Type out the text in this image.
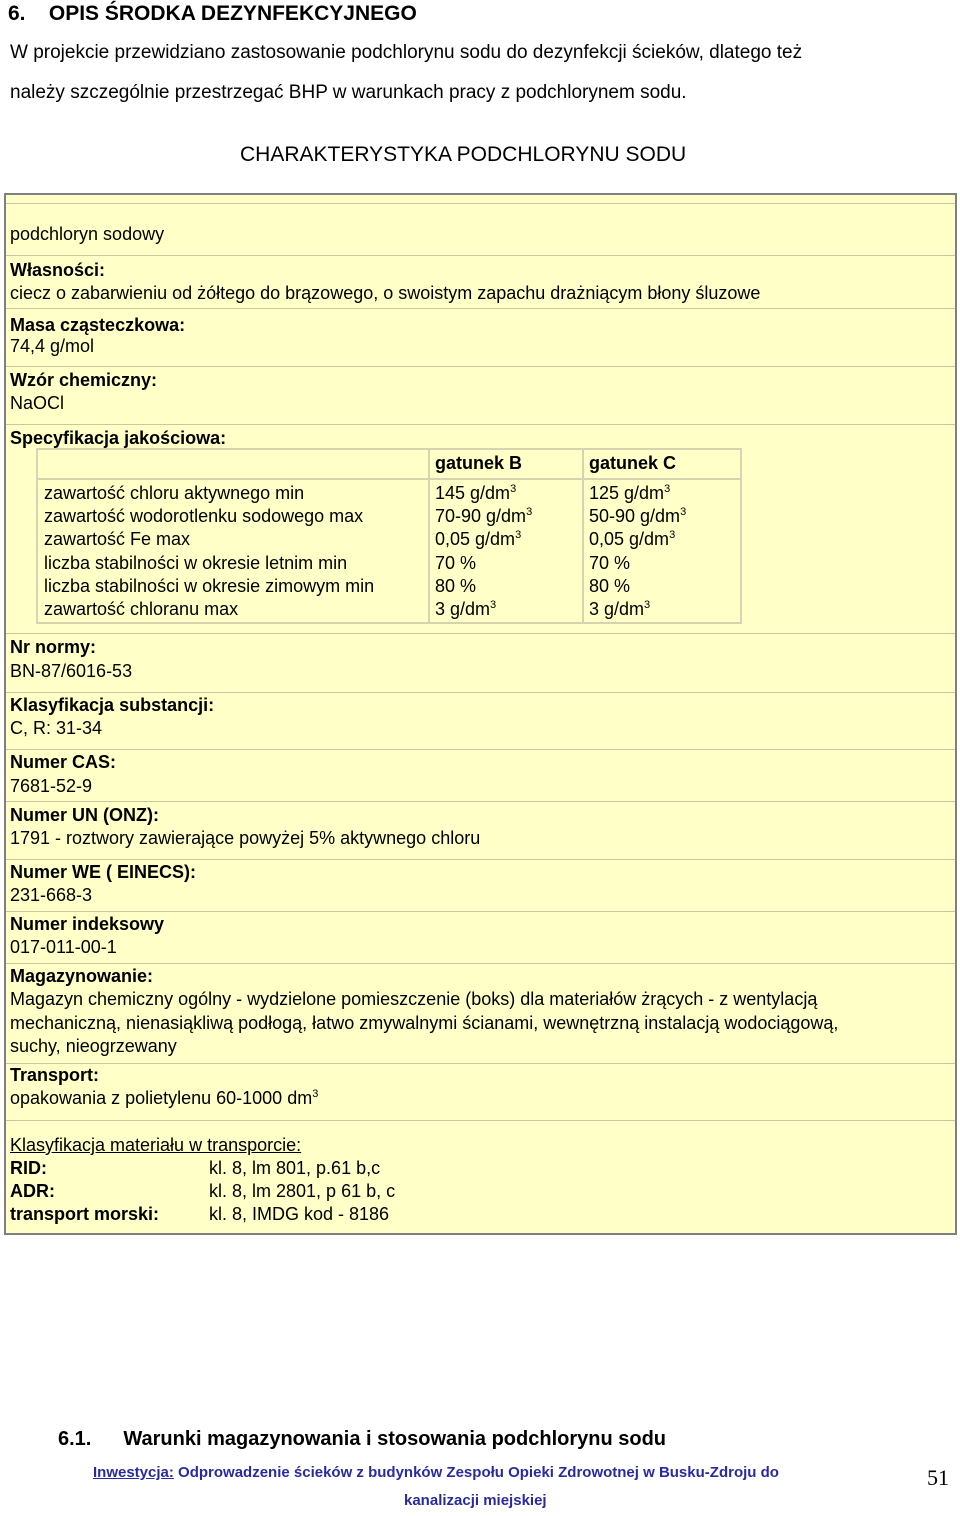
6. OPIS ŚRODKA DEZYNFEKCYJNEGO
W projekcie przewidziano zastosowanie podchlorynu sodu do dezynfekcji ścieków, dlatego też
należy szczególnie przestrzegać BHP w warunkach pracy z podchlorynem sodu.
CHARAKTERYSTYKA PODCHLORYNU SODU
podchloryn sodowy
Własności:
ciecz o zabarwieniu od żółtego do brązowego, o swoistym zapachu drażniącym błony śluzowe
Masa cząsteczkowa:
74,4 g/mol
Wzór chemiczny:
NaOCl
Specyfikacja jakościowa:
gatunek B	gatunek C
zawartość chloru aktywnego min	145 $g/dm^3$	125 $g/dm^3$
zawartość wodorotlenku sodowego max	70-90 $g/dm^3$	50-90 $g/dm^3$
zawartość Fe max	0,05 $g/dm^3$	0,05 $g/dm^3$
liczba stabilności w okresie letnim min	70 %	70 %
liczba stabilności w okresie zimowym min	80 %	80 %
zawartość chloranu max	3 $g/dm^3$	3 $g/dm^3$
Nr normy:
BN-87/6016-53
Klasyfikacja substancji:
C, R: 31-34
Numer CAS:
7681-52-9
Numer UN (ONZ):
1791 - roztwory zawierające powyżej 5% aktywnego chloru
Numer WE ( EINECS):
231-668-3
Numer indeksowy
017-011-00-1
Magazynowanie:
Magazyn chemiczny ogólny - wydzielone pomieszczenie (boks) dla materiałów żrących - z wentylacją
mechaniczną, nienasiąkliwą podłogą, łatwo zmywalnymi ścianami, wewnętrzną instalacją wodociągową,
suchy, nieogrzewany
Transport:
opakowania z polietylenu 60-1000 $dm^3$
Klasyfikacja materiału w transporcie:
RID:	kl. 8, lm 801, p.61 b,c
ADR:	kl. 8, lm 2801, p 61 b, c
transport morski:	kl. 8, IMDG kod - 8186
6.1. Warunki magazynowania i stosowania podchlorynu sodu
Inwestycja: Odprowadzenie ścieków z budynków Zespołu Opieki Zdrowotnej w Busku-Zdroju do
kanalizacji miejskiej
51
